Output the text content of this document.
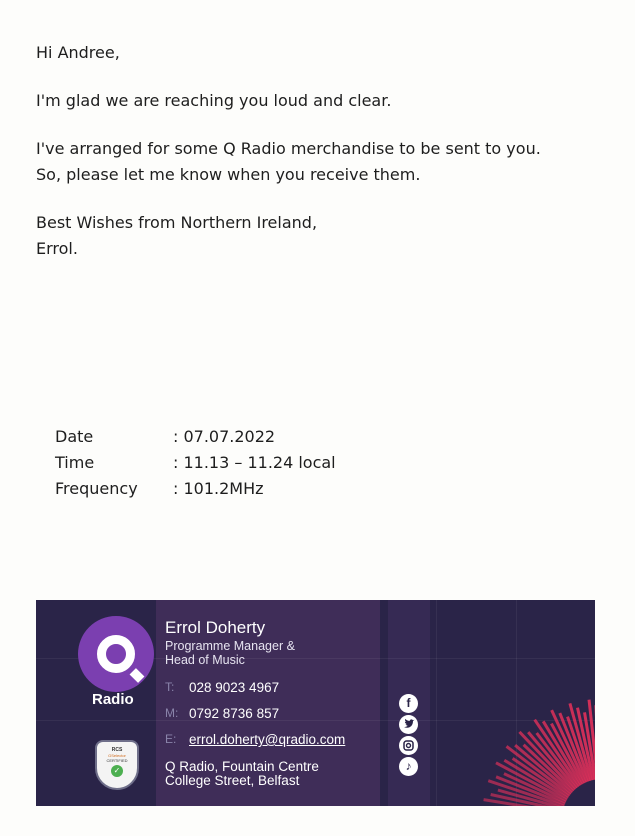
Hi Andree,

I'm glad we are reaching you loud and clear.

I've arranged for some Q Radio merchandise to be sent to you.

So, please let me know when you receive them.

Best Wishes from Northern Ireland,

Errol.

Date	: 07.07.2022
Time	: 11.13 – 11.24 local
Frequency	: 101.2MHz
Radio
RCS
GSelector
CERTIFIED
✓
Errol Doherty
Programme Manager &
Head of Music
T:	028 9023 4967
M: 0792 8736 857
E: errol.doherty@qradio.com
Q Radio, Fountain Centre
College Street, Belfast
f
♪
